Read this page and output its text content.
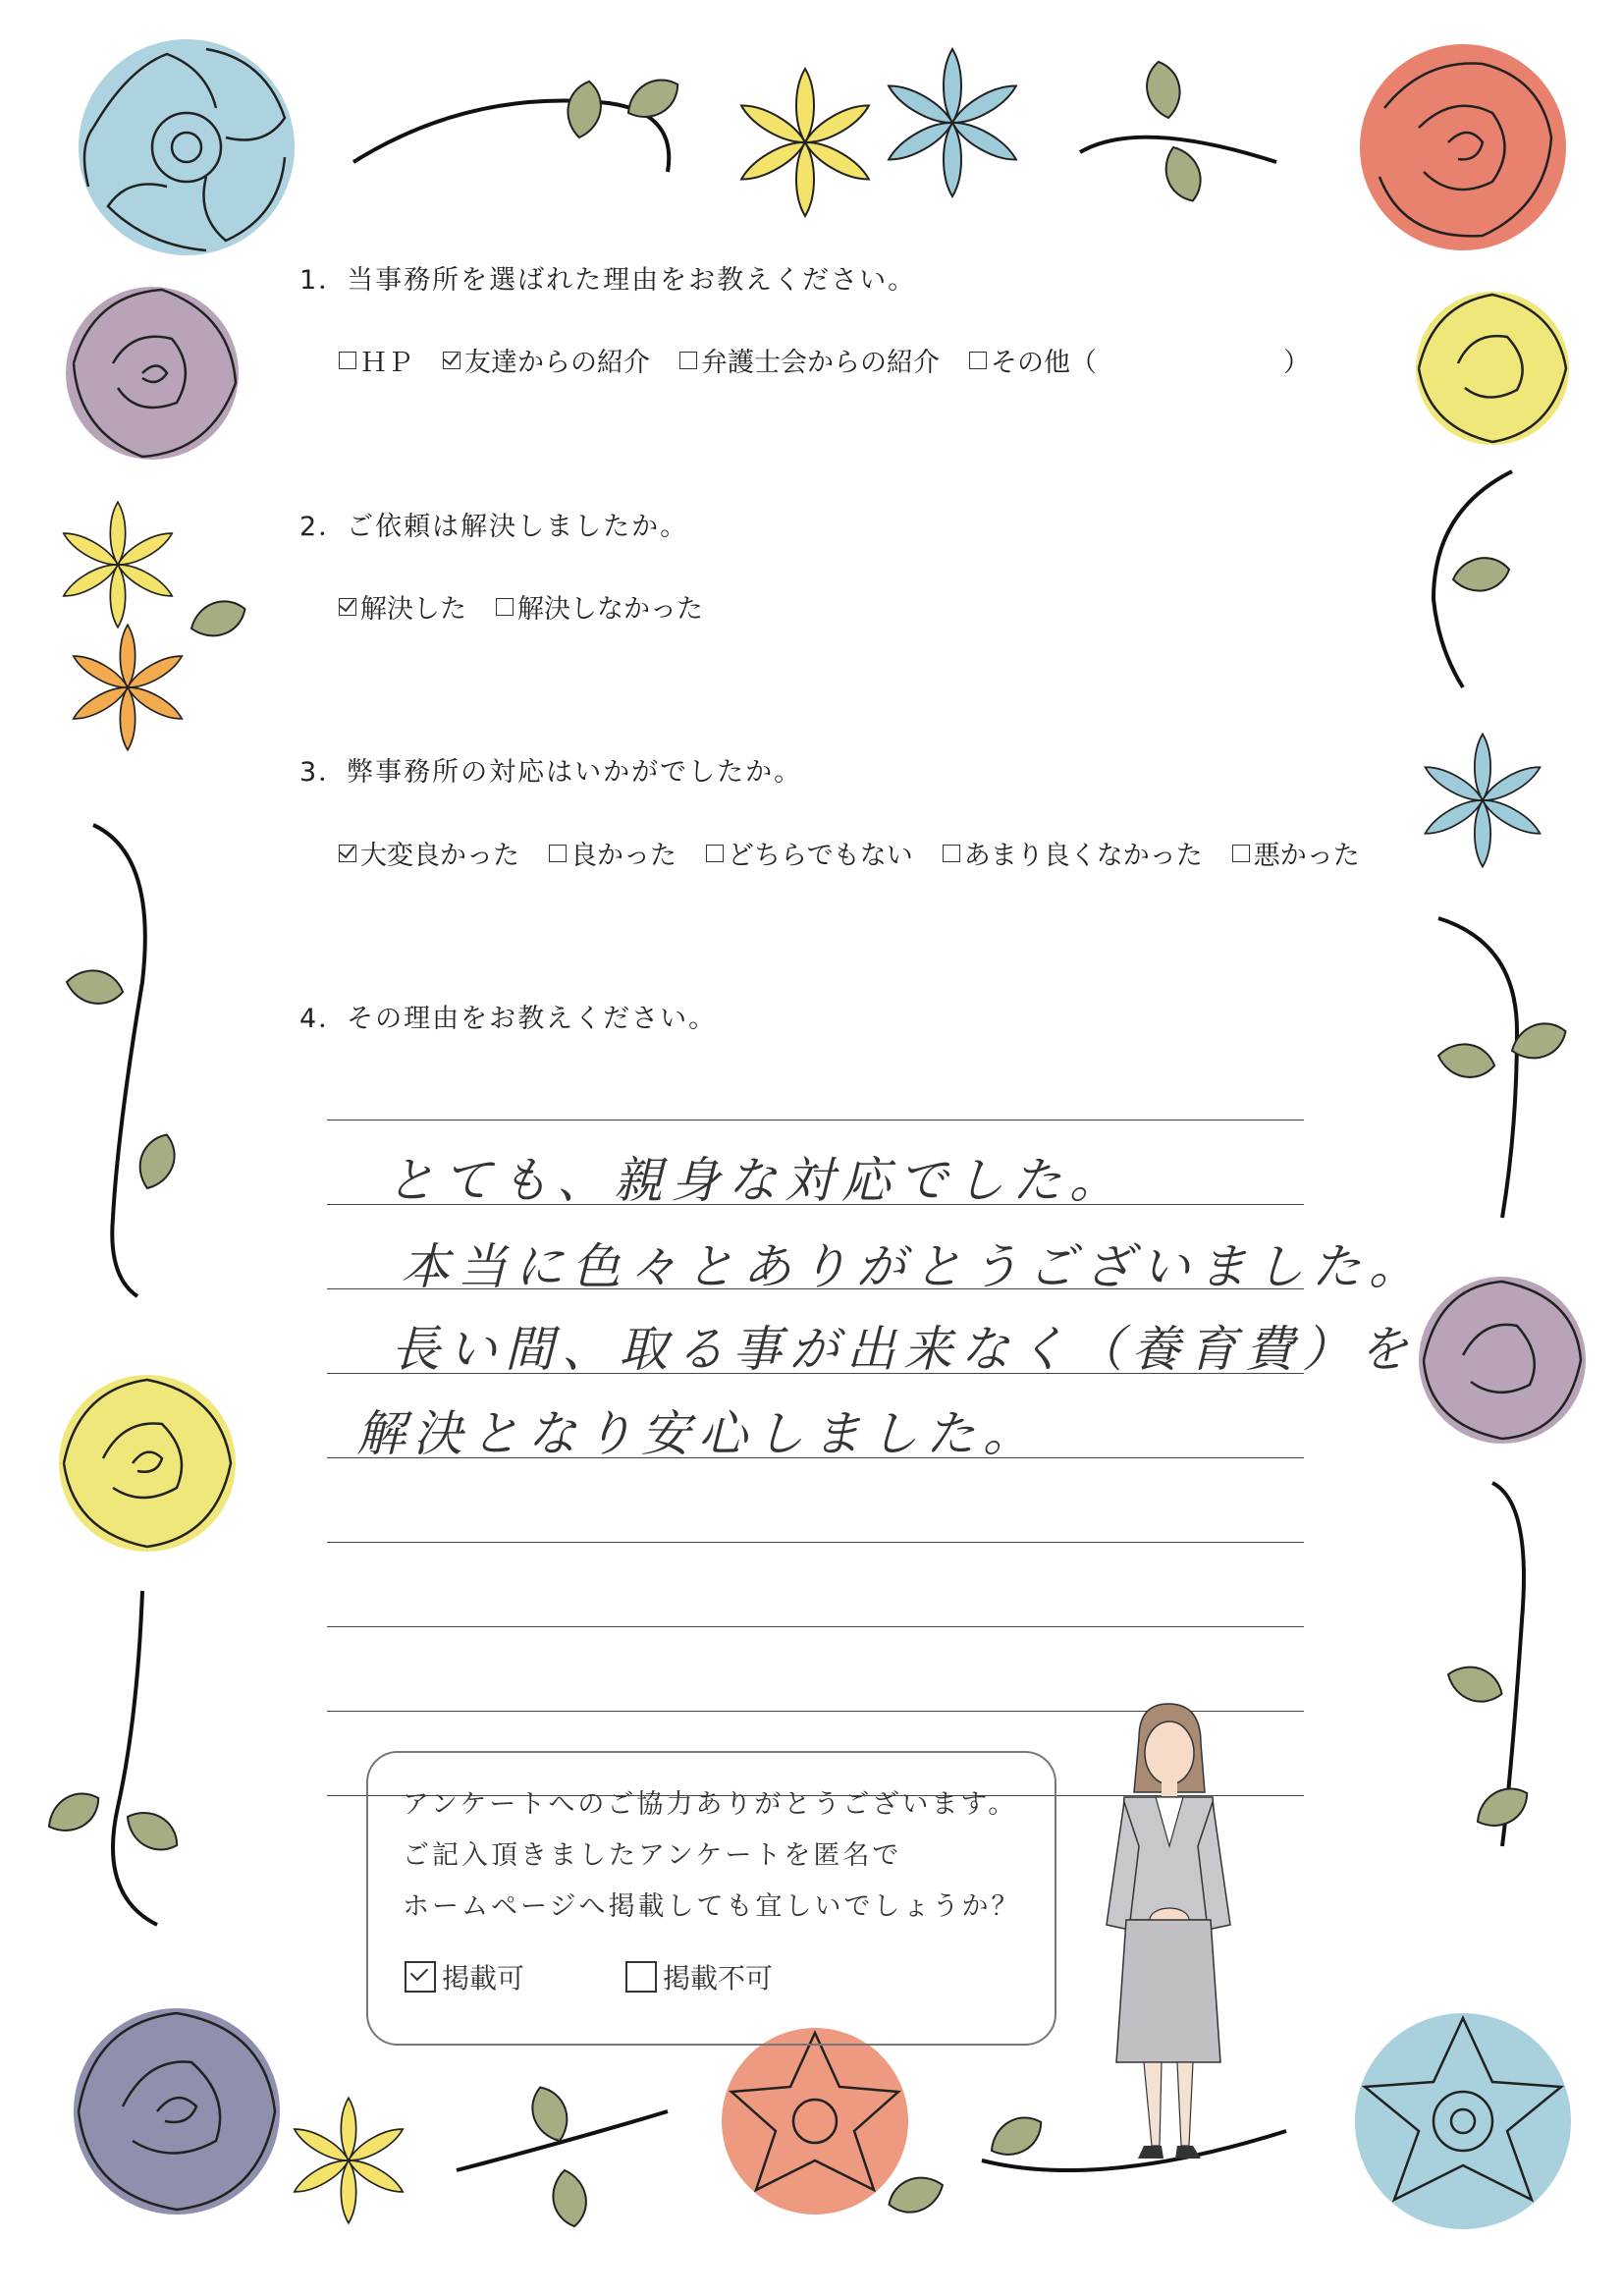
1．当事務所を選ばれた理由をお教えください。
ＨＰ 友達からの紹介 弁護士会からの紹介 その他（	）
2．ご依頼は解決しましたか。
解決した 解決しなかった
3．弊事務所の対応はいかがでしたか。
大変良かった 良かった どちらでもない あまり良くなかった 悪かった
4．その理由をお教えください。
とても、親身な対応でした。
本当に色々とありがとうございました。
長い間、取る事が出来なく（養育費）を
解決となり安心しました。
アンケートへのご協力ありがとうございます。
ご記入頂きましたアンケートを匿名で
ホームページへ掲載しても宜しいでしょうか？
掲載可	掲載不可
